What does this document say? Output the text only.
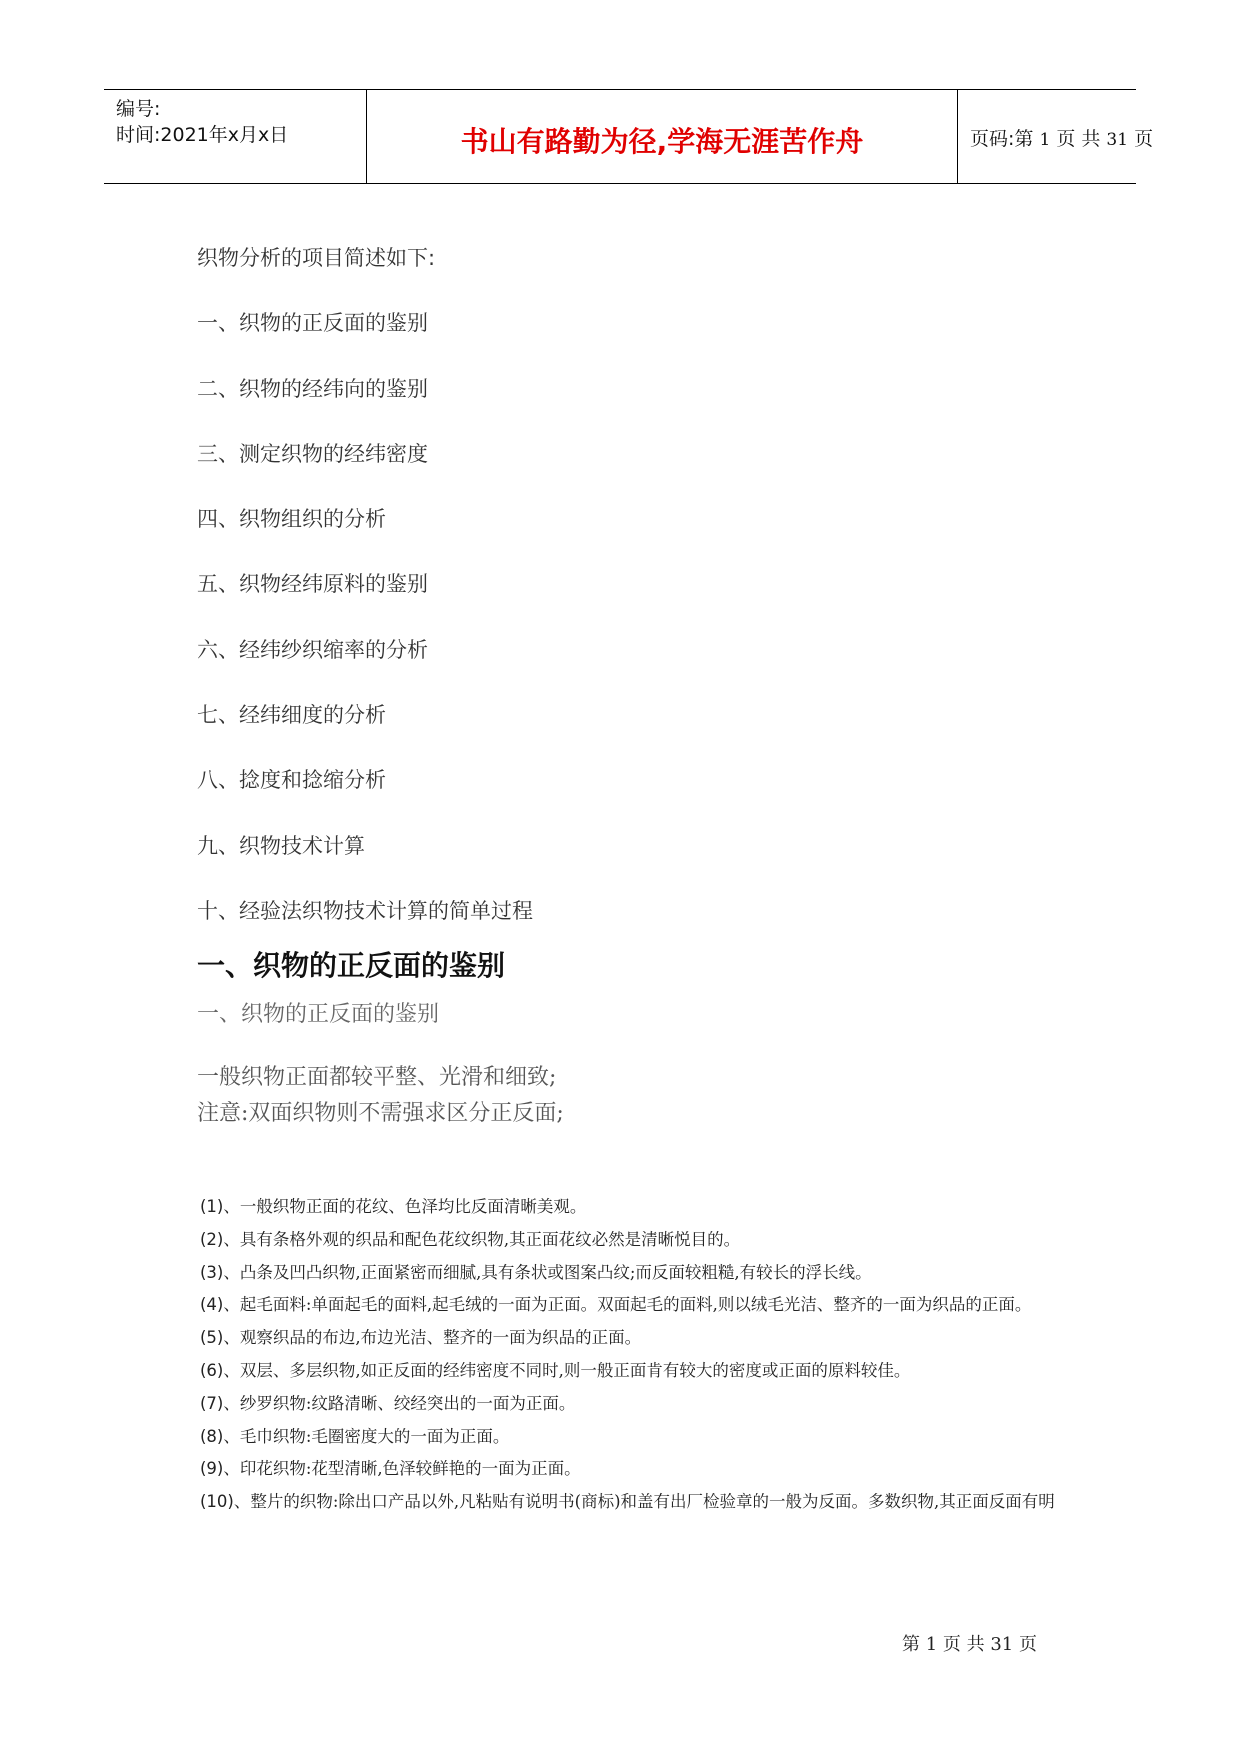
编号:
时间:2021年x月x日	书山有路勤为径,学海无涯苦作舟	页码:第 1 页 共 31 页
织物分析的项目简述如下:
一、织物的正反面的鉴别
二、织物的经纬向的鉴别
三、测定织物的经纬密度
四、织物组织的分析
五、织物经纬原料的鉴别
六、经纬纱织缩率的分析
七、经纬细度的分析
八、捻度和捻缩分析
九、织物技术计算
十、经验法织物技术计算的简单过程
一、织物的正反面的鉴别
一、织物的正反面的鉴别
一般织物正面都较平整、光滑和细致;
注意:双面织物则不需强求区分正反面;
(1)、一般织物正面的花纹、色泽均比反面清晰美观。
(2)、具有条格外观的织品和配色花纹织物,其正面花纹必然是清晰悦目的。
(3)、凸条及凹凸织物,正面紧密而细腻,具有条状或图案凸纹;而反面较粗糙,有较长的浮长线。
(4)、起毛面料:单面起毛的面料,起毛绒的一面为正面。双面起毛的面料,则以绒毛光洁、整齐的一面为织品的正面。
(5)、观察织品的布边,布边光洁、整齐的一面为织品的正面。
(6)、双层、多层织物,如正反面的经纬密度不同时,则一般正面肯有较大的密度或正面的原料较佳。
(7)、纱罗织物:纹路清晰、绞经突出的一面为正面。
(8)、毛巾织物:毛圈密度大的一面为正面。
(9)、印花织物:花型清晰,色泽较鲜艳的一面为正面。
(10)、整片的织物:除出口产品以外,凡粘贴有说明书(商标)和盖有出厂检验章的一般为反面。多数织物,其正面反面有明
第 1 页 共 31 页
